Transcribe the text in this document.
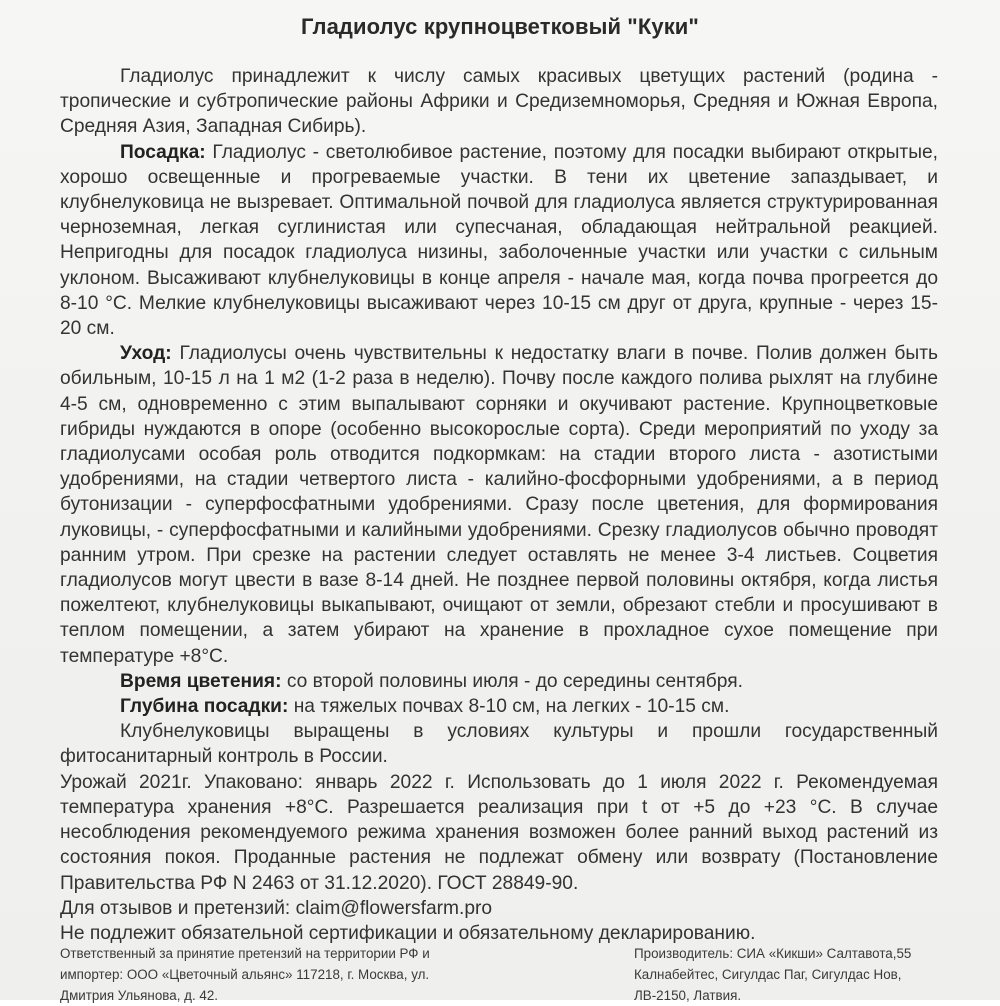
Гладиолус крупноцветковый "Куки"

Гладиолус принадлежит к числу самых красивых цветущих растений (родина - тропические и субтропические районы Африки и Средиземноморья, Средняя и Южная Европа, Средняя Азия, Западная Сибирь).

Посадка: Гладиолус - светолюбивое растение, поэтому для посадки выбирают открытые, хорошо освещенные и прогреваемые участки. В тени их цветение запаздывает, и клубнелуковица не вызревает. Оптимальной почвой для гладиолуса является структурированная черноземная, легкая суглинистая или супесчаная, обладающая нейтральной реакцией. Непригодны для посадок гладиолуса низины, заболоченные участки или участки с сильным уклоном. Высаживают клубнелуковицы в конце апреля - начале мая, когда почва прогреется до 8-10 °С. Мелкие клубнелуковицы высаживают через 10-15 см друг от друга, крупные - через 15-20 см.

Уход: Гладиолусы очень чувствительны к недостатку влаги в почве. Полив должен быть обильным, 10-15 л на 1 м2 (1-2 раза в неделю). Почву после каждого полива рыхлят на глубине 4-5 см, одновременно с этим выпалывают сорняки и окучивают растение. Крупноцветковые гибриды нуждаются в опоре (особенно высокорослые сорта). Среди мероприятий по уходу за гладиолусами особая роль отводится подкормкам: на стадии второго листа - азотистыми удобрениями, на стадии четвертого листа - калийно-фосфорными удобрениями, а в период бутонизации - суперфосфатными удобрениями. Сразу после цветения, для формирования луковицы, - суперфосфатными и калийными удобрениями. Срезку гладиолусов обычно проводят ранним утром. При срезке на растении следует оставлять не менее 3-4 листьев. Соцветия гладиолусов могут цвести в вазе 8-14 дней. Не позднее первой половины октября, когда листья пожелтеют, клубнелуковицы выкапывают, очищают от земли, обрезают стебли и просушивают в теплом помещении, а затем убирают на хранение в прохладное сухое помещение при температуре +8°С.

Время цветения: со второй половины июля - до середины сентября.

Глубина посадки: на тяжелых почвах 8-10 см, на легких - 10-15 см.

Клубнелуковицы выращены в условиях культуры и прошли государственный фитосанитарный контроль в России.

Урожай 2021г. Упаковано: январь 2022 г. Использовать до 1 июля 2022 г. Рекомендуемая температура хранения +8°С. Разрешается реализация при t от +5 до +23 °С. В случае несоблюдения рекомендуемого режима хранения возможен более ранний выход растений из состояния покоя. Проданные растения не подлежат обмену или возврату (Постановление Правительства РФ N 2463 от 31.12.2020). ГОСТ 28849-90.

Для отзывов и претензий: claim@flowersfarm.pro

Не подлежит обязательной сертификации и обязательному декларированию.

Ответственный за принятие претензий на территории РФ и импортер: ООО «Цветочный альянс» 117218, г. Москва, ул. Дмитрия Ульянова, д. 42.
Производитель: СИА «Кикши» Салтавота,55 Калнабейтес, Сигулдас Паг, Сигулдас Нов, ЛВ-2150, Латвия.
